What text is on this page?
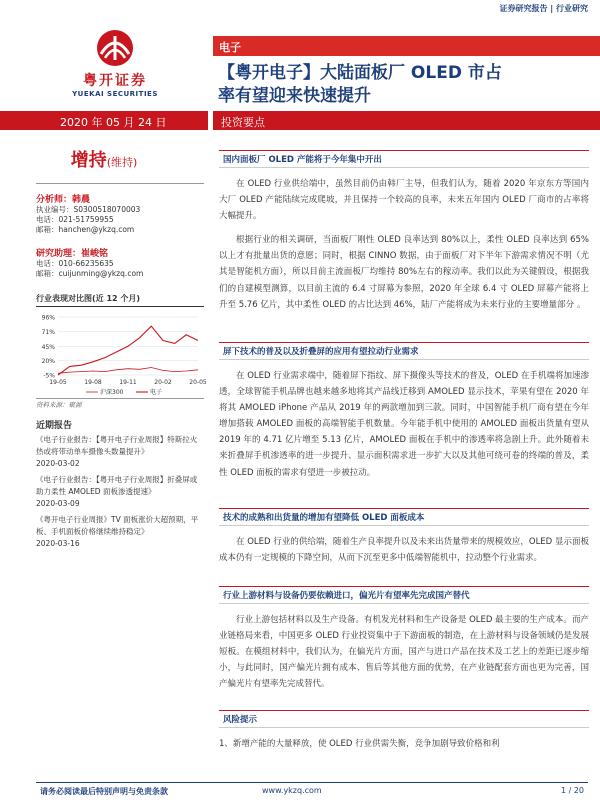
证券研究报告 | 行业研究
粤开证券
YUEKAI SECURITIES
电子
【粤开电子】大陆面板厂 OLED 市占
率有望迎来快速提升
2020 年 05 月 24 日	投资要点
增持(维持)
分析师：韩晨
执业编号：S0300518070003
电话：021-51759955
邮箱：hanchen@ykzq.com
研究助理：崔峻铭
电话：010-66235635
邮箱：cuijunming@ykzq.com
行业表现对比图(近 12 个月)
96%
71%
45%
20%
-5%
19-05	19-08	19-11	20-02	20-05
沪深300	电子
资料来源：聚源
近期报告
《电子行业报告：【粤开电子行业周报】特斯拉火热或将带动单车摄像头数量提升》
2020-03-02
《电子行业报告：【粤开电子行业周报】折叠屏或助力柔性 AMOLED 面板渗透提速》
2020-03-09
《粤开电子行业周报》TV 面板涨价大超预期，平板、手机面板价格继续维持稳定》
2020-03-16
国内面板厂 OLED 产能将于今年集中开出

在 OLED 行业供给端中，虽然目前仍由韩厂主导，但我们认为，随着 2020 年京东方等国内大厂 OLED 产能陆续完成爬坡，并且保持一个较高的良率，未来五年国内 OLED 厂商市的占率将大幅提升。

根据行业的相关调研，当面板厂刚性 OLED 良率达到 80%以上，柔性 OLED 良率达到 65%以上才有批量出货的意愿；同时，根据 CINNO 数据，由于面板厂对下半年下游需求情况不明（尤其是智能机方面），所以目前主流面板厂均维持 80%左右的稼动率。我们以此为关键假设，根据我们的自建模型测算，以目前主流的 6.4 寸屏幕为参照，2020 年全球 6.4 寸 OLED 屏幕产能将上升至 5.76 亿片，其中柔性 OLED 的占比达到 46%，陆厂产能将成为未来行业的主要增量部分 。

屏下技术的普及以及折叠屏的应用有望拉动行业需求

在 OLED 行业需求端中，随着屏下指纹、屏下摄像头等技术的普及，OLED 在手机端将加速渗透，全球智能手机品牌也越来越多地将其产品线迁移到 AMOLED 显示技术，苹果有望在 2020 年将其 AMOLED iPhone 产品从 2019 年的两款增加到三款。同时，中国智能手机厂商有望在今年增加搭载 AMOLED 面板的高端智能手机数量。今年能手机中使用的 AMOLED 面板出货量有望从 2019 年的 4.71 亿片增至 5.13 亿片，AMOLED 面板在手机中的渗透率将急剧上升。此外随着未来折叠屏手机渗透率的进一步提升、显示面积需求进一步扩大以及其他可绕可卷的终端的普及，柔性 OLED 面板的需求有望进一步被拉动。

技术的成熟和出货量的增加有望降低 OLED 面板成本

在 OLED 行业的供给端，随着生产良率提升以及未来出货量带来的规模效应，OLED 显示面板成本仍有一定规模的下降空间，从而下沉至更多中低端智能机中，拉动整个行业需求。

行业上游材料与设备仍要依赖进口，偏光片有望率先完成国产替代

行业上游包括材料以及生产设备。有机发光材料和生产设备是 OLED 最主要的生产成本。而产业链格局来看，中国更多 OLED 行业投资集中于下游面板的制造，在上游材料与设备领域仍是发展短板。在模组材料中，我们认为，在偏光片方面，国产与进口产品在技术及工艺上的差距已逐步缩小，与此同时，国产偏光片拥有成本、售后等其他方面的优势，在产业链配套方面也更为完善，国产偏光片有望率先完成替代。

风险提示

1、新增产能的大量释放，使 OLED 行业供需失衡，竞争加剧导致价格和利

请务必阅读最后特别声明与免责条款	www.ykzq.com	1 / 20
